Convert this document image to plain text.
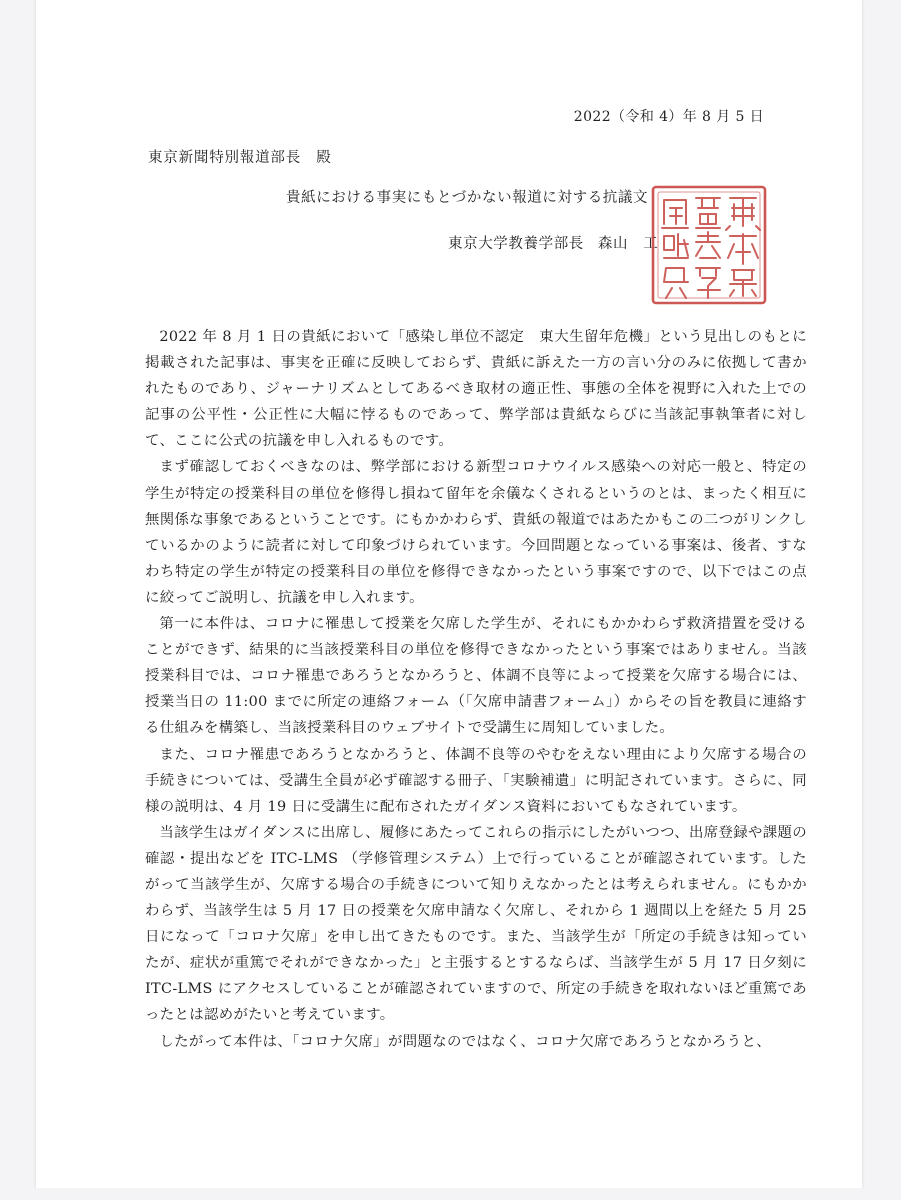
2022（令和 4）年 8 月 5 日
東京新聞特別報道部長　殿
貴紙における事実にもとづかない報道に対する抗議文
東京大学教養学部長 森山　工

2022 年 8 月 1 日の貴紙において「感染し単位不認定　東大生留年危機」という見出しのもとに掲載された記事は、事実を正確に反映しておらず、貴紙に訴えた一方の言い分のみに依拠して書かれたものであり、ジャーナリズムとしてあるべき取材の適正性、事態の全体を視野に入れた上での記事の公平性・公正性に大幅に悖るものであって、弊学部は貴紙ならびに当該記事執筆者に対して、ここに公式の抗議を申し入れるものです。

まず確認しておくべきなのは、弊学部における新型コロナウイルス感染への対応一般と、特定の学生が特定の授業科目の単位を修得し損ねて留年を余儀なくされるというのとは、まったく相互に無関係な事象であるということです。にもかかわらず、貴紙の報道ではあたかもこの二つがリンクしているかのように読者に対して印象づけられています。今回問題となっている事案は、後者、すなわち特定の学生が特定の授業科目の単位を修得できなかったという事案ですので、以下ではこの点に絞ってご説明し、抗議を申し入れます。

第一に本件は、コロナに罹患して授業を欠席した学生が、それにもかかわらず救済措置を受けることができず、結果的に当該授業科目の単位を修得できなかったという事案ではありません。当該授業科目では、コロナ罹患であろうとなかろうと、体調不良等によって授業を欠席する場合には、授業当日の 11:00 までに所定の連絡フォーム（「欠席申請書フォーム」）からその旨を教員に連絡する仕組みを構築し、当該授業科目のウェブサイトで受講生に周知していました。

また、コロナ罹患であろうとなかろうと、体調不良等のやむをえない理由により欠席する場合の手続きについては、受講生全員が必ず確認する冊子、「実験補遺」に明記されています。さらに、同様の説明は、4 月 19 日に受講生に配布されたガイダンス資料においてもなされています。

当該学生はガイダンスに出席し、履修にあたってこれらの指示にしたがいつつ、出席登録や課題の確認・提出などを ITC-LMS （学修管理システム）上で行っていることが確認されています。したがって当該学生が、欠席する場合の手続きについて知りえなかったとは考えられません。にもかかわらず、当該学生は 5 月 17 日の授業を欠席申請なく欠席し、それから 1 週間以上を経た 5 月 25 日になって「コロナ欠席」を申し出てきたものです。また、当該学生が「所定の手続きは知っていたが、症状が重篤でそれができなかった」と主張するとするならば、当該学生が 5 月 17 日夕刻に ITC-LMS にアクセスしていることが確認されていますので、所定の手続きを取れないほど重篤であったとは認めがたいと考えています。

したがって本件は、「コロナ欠席」が問題なのではなく、コロナ欠席であろうとなかろうと、
